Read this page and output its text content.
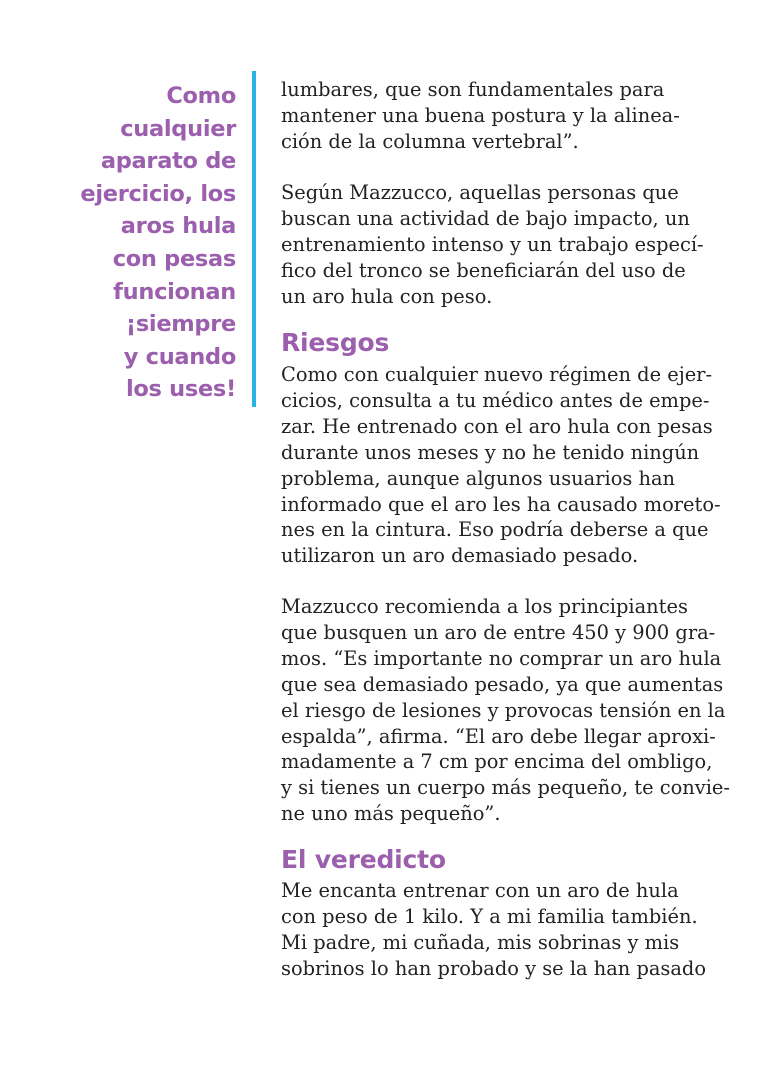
Como
cualquier
aparato de
ejercicio, los
aros hula
con pesas
funcionan
¡siempre
y cuando
los uses!
lumbares, que son fundamentales para
mantener una buena postura y la alinea-
ción de la columna vertebral”.
Según Mazzucco, aquellas personas que
buscan una actividad de bajo impacto, un
entrenamiento intenso y un trabajo especí-
fico del tronco se beneficiarán del uso de
un aro hula con peso.
Riesgos
Como con cualquier nuevo régimen de ejer-
cicios, consulta a tu médico antes de empe-
zar. He entrenado con el aro hula con pesas
durante unos meses y no he tenido ningún
problema, aunque algunos usuarios han
informado que el aro les ha causado moreto-
nes en la cintura. Eso podría deberse a que
utilizaron un aro demasiado pesado.
Mazzucco recomienda a los principiantes
que busquen un aro de entre 450 y 900 gra-
mos. “Es importante no comprar un aro hula
que sea demasiado pesado, ya que aumentas
el riesgo de lesiones y provocas tensión en la
espalda”, afirma. “El aro debe llegar aproxi-
madamente a 7 cm por encima del ombligo,
y si tienes un cuerpo más pequeño, te convie-
ne uno más pequeño”.
El veredicto
Me encanta entrenar con un aro de hula
con peso de 1 kilo. Y a mi familia también.
Mi padre, mi cuñada, mis sobrinas y mis
sobrinos lo han probado y se la han pasado
